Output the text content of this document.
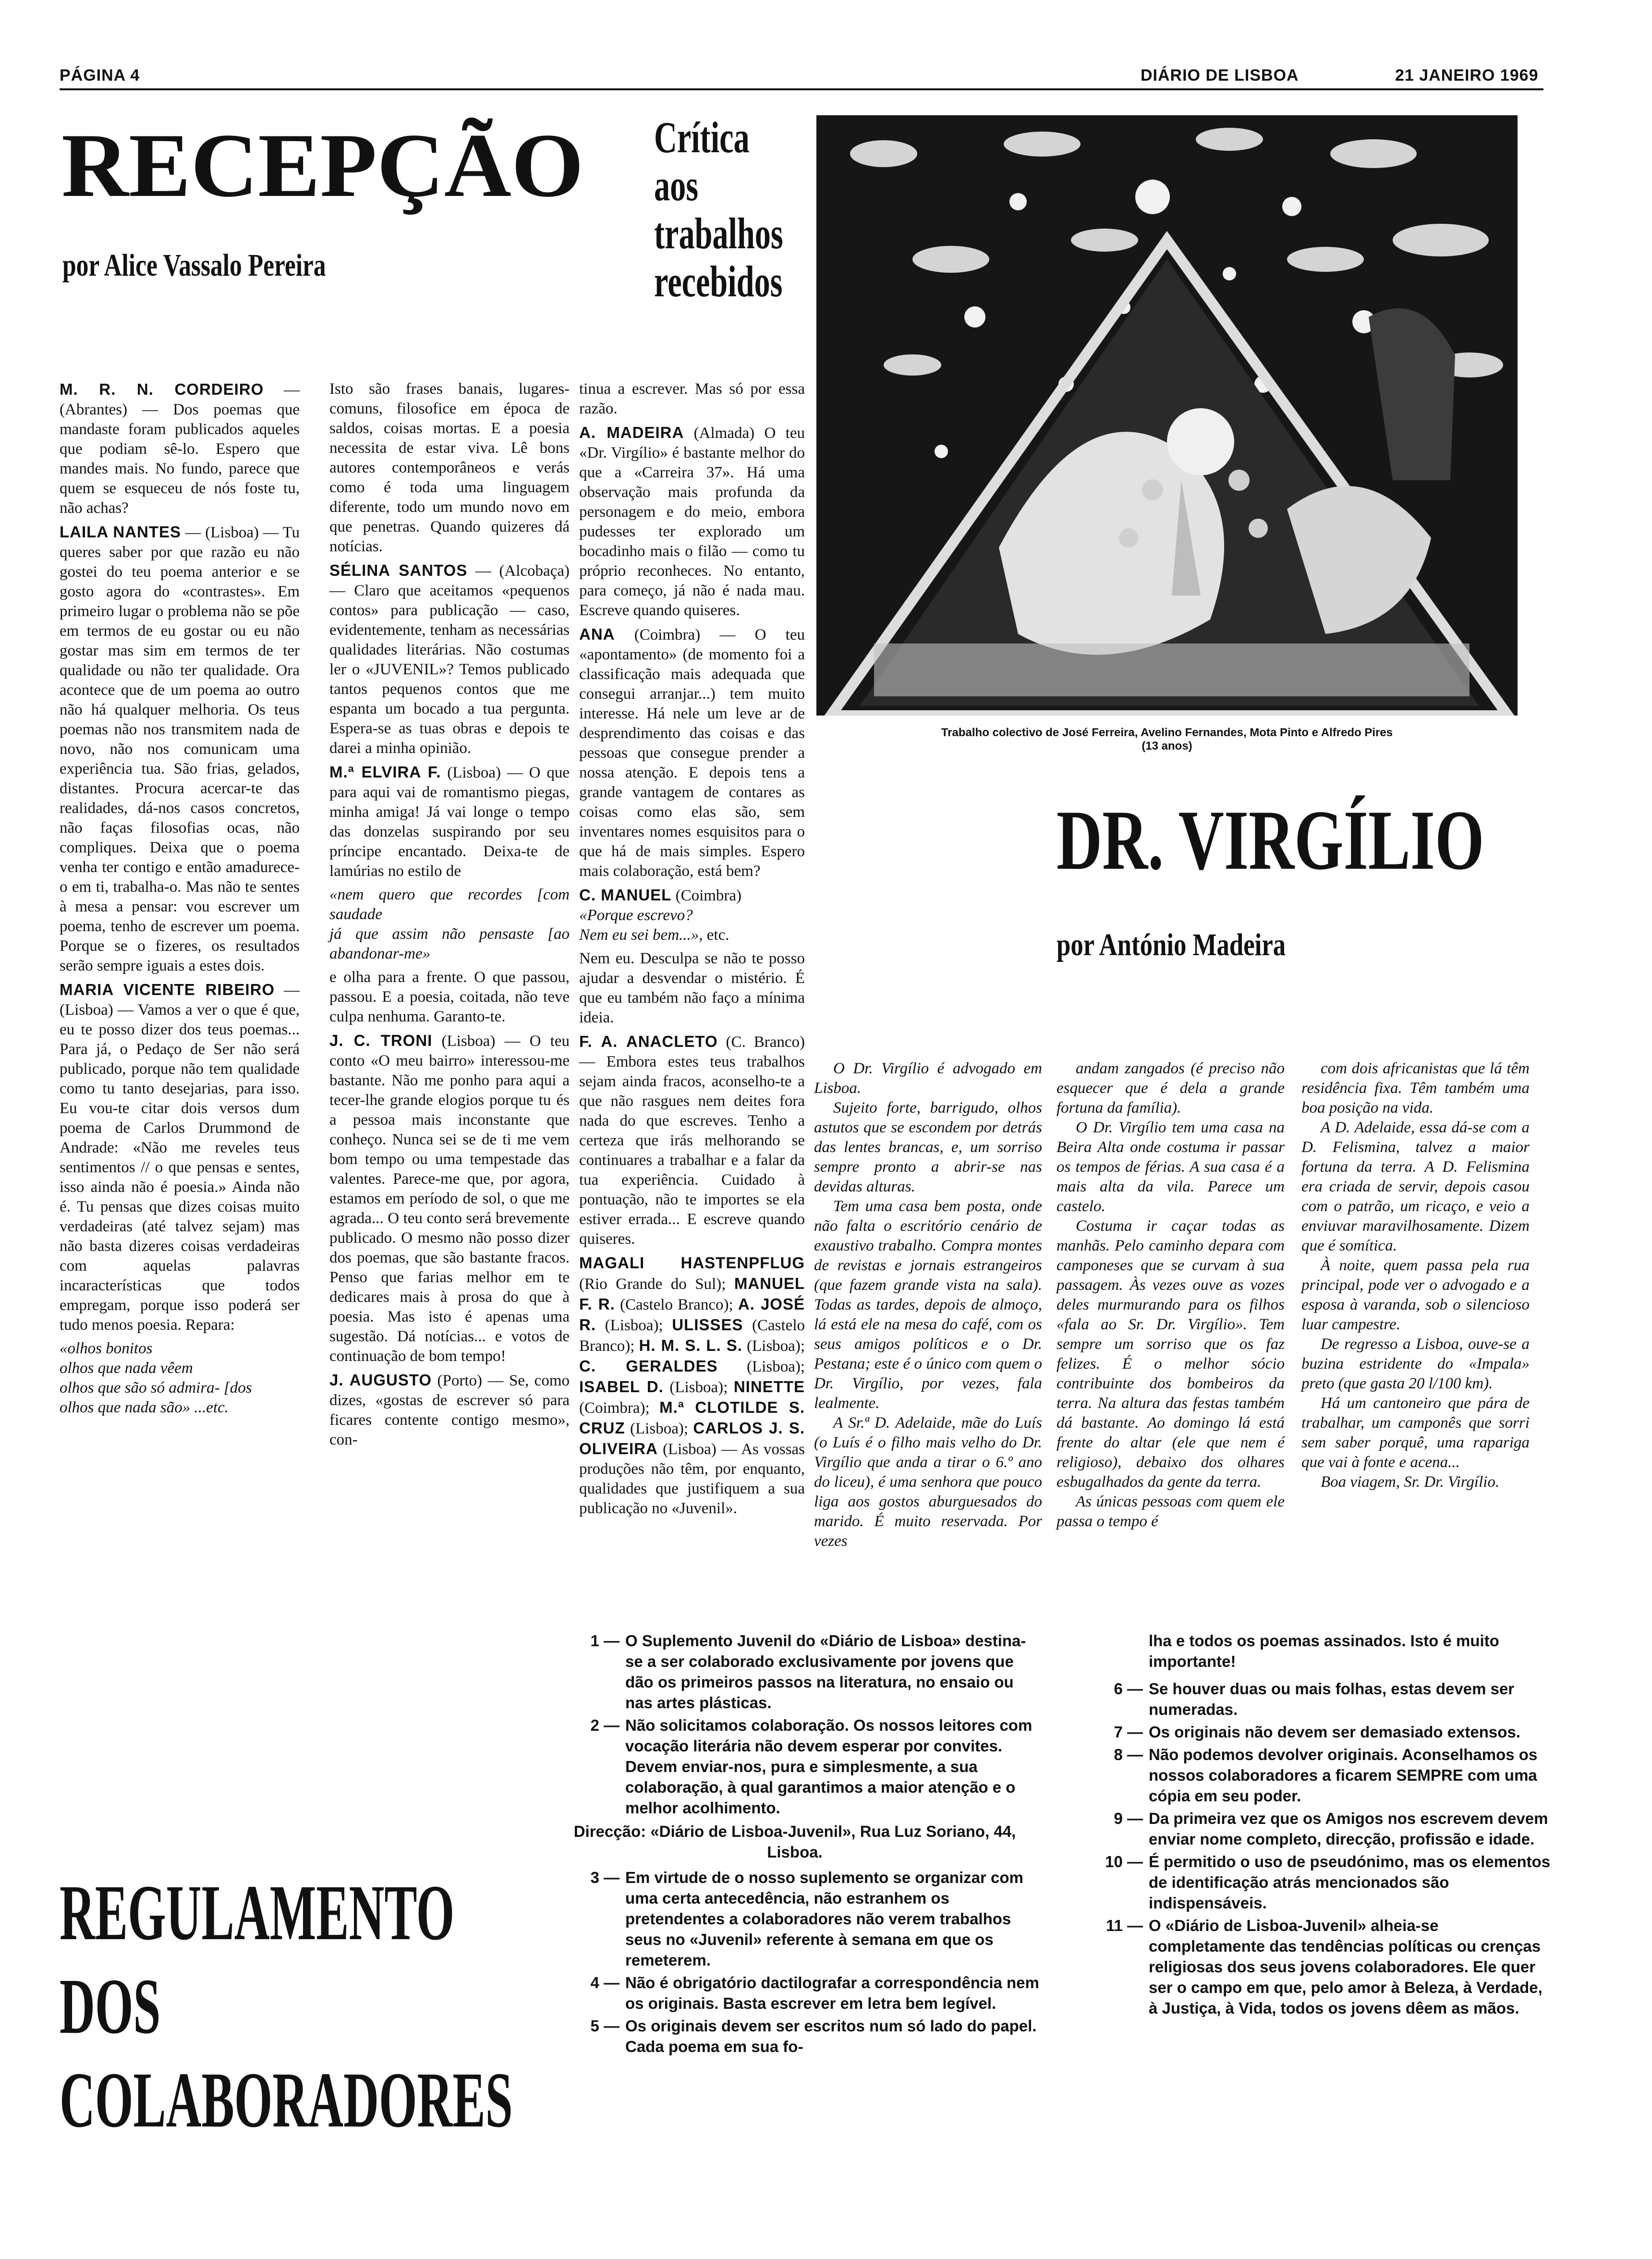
PÁGINA 4	DIÁRIO DE LISBOA	21 JANEIRO 1969
RECEPÇÃO
por Alice Vassalo Pereira
Crítica
aos
trabalhos
recebidos

M. R. N. CORDEIRO — (Abrantes) — Dos poemas que mandaste foram publicados aqueles que podiam sê-lo. Espero que mandes mais. No fundo, parece que quem se esqueceu de nós foste tu, não achas?

LAILA NANTES — (Lisboa) — Tu queres saber por que razão eu não gostei do teu poema anterior e se gosto agora do «contrastes». Em primeiro lugar o problema não se põe em termos de eu gostar ou eu não gostar mas sim em termos de ter qualidade ou não ter qualidade. Ora acontece que de um poema ao outro não há qualquer melhoria. Os teus poemas não nos transmitem nada de novo, não nos comunicam uma experiência tua. São frias, gelados, distantes. Procura acercar-te das realidades, dá-nos casos concretos, não faças filosofias ocas, não compliques. Deixa que o poema venha ter contigo e então amadurece-o em ti, trabalha-o. Mas não te sentes à mesa a pensar: vou escrever um poema, tenho de escrever um poema. Porque se o fizeres, os resultados serão sempre iguais a estes dois.

MARIA VICENTE RIBEIRO — (Lisboa) — Vamos a ver o que é que, eu te posso dizer dos teus poemas... Para já, o Pedaço de Ser não será publicado, porque não tem qualidade como tu tanto desejarias, para isso. Eu vou-te citar dois versos dum poema de Carlos Drummond de Andrade: «Não me reveles teus sentimentos // o que pensas e sentes, isso ainda não é poesia.» Ainda não é. Tu pensas que dizes coisas muito verdadeiras (até talvez sejam) mas não basta dizeres coisas verdadeiras com aquelas palavras incaracterísticas que todos empregam, porque isso poderá ser tudo menos poesia. Repara:

«olhos bonitos
olhos que nada vêem
olhos que são só admira- [dos
olhos que nada são» ...etc.

Isto são frases banais, lugares-comuns, filosofice em época de saldos, coisas mortas. E a poesia necessita de estar viva. Lê bons autores contemporâneos e verás como é toda uma linguagem diferente, todo um mundo novo em que penetras. Quando quizeres dá notícias.

SÉLINA SANTOS — (Alcobaça) — Claro que aceitamos «pequenos contos» para publicação — caso, evidentemente, tenham as necessárias qualidades literárias. Não costumas ler o «JUVENIL»? Temos publicado tantos pequenos contos que me espanta um bocado a tua pergunta. Espera-se as tuas obras e depois te darei a minha opinião.

M.ª ELVIRA F. (Lisboa) — O que para aqui vai de romantismo piegas, minha amiga! Já vai longe o tempo das donzelas suspirando por seu príncipe encantado. Deixa-te de lamúrias no estilo de

«nem quero que recordes [com saudade
já que assim não pensaste [ao abandonar-me»

e olha para a frente. O que passou, passou. E a poesia, coitada, não teve culpa nenhuma. Garanto-te.

J. C. TRONI (Lisboa) — O teu conto «O meu bairro» interessou-me bastante. Não me ponho para aqui a tecer-lhe grande elogios porque tu és a pessoa mais inconstante que conheço. Nunca sei se de ti me vem bom tempo ou uma tempestade das valentes. Parece-me que, por agora, estamos em período de sol, o que me agrada... O teu conto será brevemente publicado. O mesmo não posso dizer dos poemas, que são bastante fracos. Penso que farias melhor em te dedicares mais à prosa do que à poesia. Mas isto é apenas uma sugestão. Dá notícias... e votos de continuação de bom tempo!

J. AUGUSTO (Porto) — Se, como dizes, «gostas de escrever só para ficares contente contigo mesmo», con-

tinua a escrever. Mas só por essa razão.

A. MADEIRA (Almada) O teu «Dr. Virgílio» é bastante melhor do que a «Carreira 37». Há uma observação mais profunda da personagem e do meio, embora pudesses ter explorado um bocadinho mais o filão — como tu próprio reconheces. No entanto, para começo, já não é nada mau. Escreve quando quiseres.

ANA (Coimbra) — O teu «apontamento» (de momento foi a classificação mais adequada que consegui arranjar...) tem muito interesse. Há nele um leve ar de desprendimento das coisas e das pessoas que consegue prender a nossa atenção. E depois tens a grande vantagem de contares as coisas como elas são, sem inventares nomes esquisitos para o que há de mais simples. Espero mais colaboração, está bem?

C. MANUEL (Coimbra)
«Porque escrevo?
Nem eu sei bem...», etc.

Nem eu. Desculpa se não te posso ajudar a desvendar o mistério. É que eu também não faço a mínima ideia.

F. A. ANACLETO (C. Branco) — Embora estes teus trabalhos sejam ainda fracos, aconselho-te a que não rasgues nem deites fora nada do que escreves. Tenho a certeza que irás melhorando se continuares a trabalhar e a falar da tua experiência. Cuidado à pontuação, não te importes se ela estiver errada... E escreve quando quiseres.

MAGALI HASTENPFLUG (Rio Grande do Sul); MANUEL F. R. (Castelo Branco); A. JOSÉ R. (Lisboa); ULISSES (Castelo Branco); H. M. S. L. S. (Lisboa); C. GERALDES (Lisboa); ISABEL D. (Lisboa); NINETTE (Coimbra); M.ª CLOTILDE S. CRUZ (Lisboa); CARLOS J. S. OLIVEIRA (Lisboa) — As vossas produções não têm, por enquanto, qualidades que justifiquem a sua publicação no «Juvenil».

Trabalho colectivo de José Ferreira, Avelino Fernandes, Mota Pinto e Alfredo Pires
(13 anos)
DR. VIRGÍLIO
por António Madeira

O Dr. Virgílio é advogado em Lisboa.

Sujeito forte, barrigudo, olhos astutos que se escondem por detrás das lentes brancas, e, um sorriso sempre pronto a abrir-se nas devidas alturas.

Tem uma casa bem posta, onde não falta o escritório cenário de exaustivo trabalho. Compra montes de revistas e jornais estrangeiros (que fazem grande vista na sala). Todas as tardes, depois de almoço, lá está ele na mesa do café, com os seus amigos políticos e o Dr. Pestana; este é o único com quem o Dr. Virgílio, por vezes, fala lealmente.

A Sr.ª D. Adelaide, mãe do Luís (o Luís é o filho mais velho do Dr. Virgílio que anda a tirar o 6.º ano do liceu), é uma senhora que pouco liga aos gostos aburguesados do marido. É muito reservada. Por vezes

andam zangados (é preciso não esquecer que é dela a grande fortuna da família).

O Dr. Virgílio tem uma casa na Beira Alta onde costuma ir passar os tempos de férias. A sua casa é a mais alta da vila. Parece um castelo.

Costuma ir caçar todas as manhãs. Pelo caminho depara com camponeses que se curvam à sua passagem. Às vezes ouve as vozes deles murmurando para os filhos «fala ao Sr. Dr. Virgílio». Tem sempre um sorriso que os faz felizes. É o melhor sócio contribuinte dos bombeiros da terra. Na altura das festas também dá bastante. Ao domingo lá está frente do altar (ele que nem é religioso), debaixo dos olhares esbugalhados da gente da terra.

As únicas pessoas com quem ele passa o tempo é

com dois africanistas que lá têm residência fixa. Têm também uma boa posição na vida.

A D. Adelaide, essa dá-se com a D. Felismina, talvez a maior fortuna da terra. A D. Felismina era criada de servir, depois casou com o patrão, um ricaço, e veio a enviuvar maravilhosamente. Dizem que é somítica.

À noite, quem passa pela rua principal, pode ver o advogado e a esposa à varanda, sob o silencioso luar campestre.

De regresso a Lisboa, ouve-se a buzina estridente do «Impala» preto (que gasta 20 l/100 km).

Há um cantoneiro que pára de trabalhar, um camponês que sorri sem saber porquê, uma rapariga que vai à fonte e acena...

Boa viagem, Sr. Dr. Virgílio.

REGULAMENTO
DOS
COLABORADORES
1 — O Suplemento Juvenil do «Diário de Lisboa» destina-se a ser colaborado exclusivamente por jovens que dão os primeiros passos na literatura, no ensaio ou nas artes plásticas.
2 — Não solicitamos colaboração. Os nossos leitores com vocação literária não devem esperar por convites. Devem enviar-nos, pura e simplesmente, a sua colaboração, à qual garantimos a maior atenção e o melhor acolhimento.
Direcção: «Diário de Lisboa-Juvenil», Rua Luz Soriano, 44, Lisboa.
3 — Em virtude de o nosso suplemento se organizar com uma certa antecedência, não estranhem os pretendentes a colaboradores não verem trabalhos seus no «Juvenil» referente à semana em que os remeterem.
4 — Não é obrigatório dactilografar a correspondência nem os originais. Basta escrever em letra bem legível.
5 — Os originais devem ser escritos num só lado do papel. Cada poema em sua fo-
lha e todos os poemas assinados. Isto é muito importante!
6 — Se houver duas ou mais folhas, estas devem ser numeradas.
7 — Os originais não devem ser demasiado extensos.
8 — Não podemos devolver originais. Aconselhamos os nossos colaboradores a ficarem SEMPRE com uma cópia em seu poder.
9 — Da primeira vez que os Amigos nos escrevem devem enviar nome completo, direcção, profissão e idade.
10 — É permitido o uso de pseudónimo, mas os elementos de identificação atrás mencionados são indispensáveis.
11 — O «Diário de Lisboa-Juvenil» alheia-se completamente das tendências políticas ou crenças religiosas dos seus jovens colaboradores. Ele quer ser o campo em que, pelo amor à Beleza, à Verdade, à Justiça, à Vida, todos os jovens dêem as mãos.
